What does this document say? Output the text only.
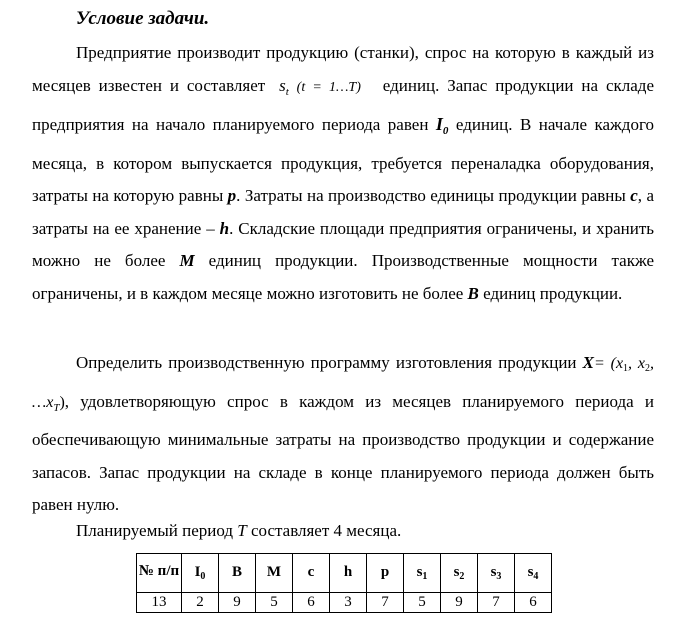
Условие задачи.
Предприятие производит продукцию (станки), спрос на которую в каждый из месяцев известен и составляет $s_t$ (t = 1…T) единиц. Запас продукции на складе предприятия на начало планируемого периода равен $I_0$ единиц. В начале каждого месяца, в котором выпускается продукция, требуется переналадка оборудования, затраты на которую равны p. Затраты на производство единицы продукции равны c, а затраты на ее хранение – h. Складские площади предприятия ограничены, и хранить можно не более M единиц продукции. Производственные мощности также ограничены, и в каждом месяце можно изготовить не более B единиц продукции.
Определить производственную программу изготовления продукции X= (x1, x2, $\dots x_T$), удовлетворяющую спрос в каждом из месяцев планируемого периода и обеспечивающую минимальные затраты на производство продукции и содержание запасов. Запас продукции на складе в конце планируемого периода должен быть равен нулю.
Планируемый период T составляет 4 месяца.
№ п/п	$I_0$	B	M	c	h	p	$s_1$	$s_2$	$s_3$	$s_4$
13	2	9	5	6	3	7	5	9	7	6
